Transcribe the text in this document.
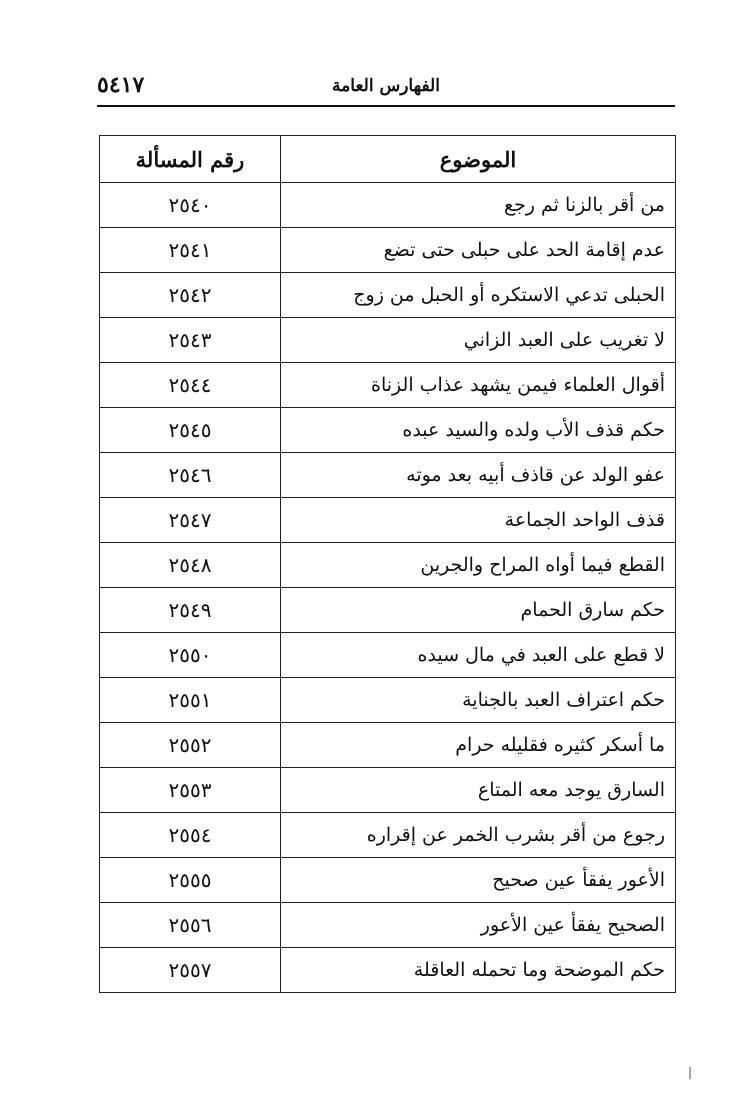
٥٤١٧	الفهارس العامة
الموضوع	رقم المسألة
من أقر بالزنا ثم رجع	٢٥٤٠
عدم إقامة الحد على حبلى حتى تضع	٢٥٤١
الحبلى تدعي الاستكره أو الحبل من زوج	٢٥٤٢
لا تغريب على العبد الزاني	٢٥٤٣
أقوال العلماء فيمن يشهد عذاب الزناة	٢٥٤٤
حكم قذف الأب ولده والسيد عبده	٢٥٤٥
عفو الولد عن قاذف أبيه بعد موته	٢٥٤٦
قذف الواحد الجماعة	٢٥٤٧
القطع فيما أواه المراح والجرين	٢٥٤٨
حكم سارق الحمام	٢٥٤٩
لا قطع على العبد في مال سيده	٢٥٥٠
حكم اعتراف العبد بالجناية	٢٥٥١
ما أسكر كثيره فقليله حرام	٢٥٥٢
السارق يوجد معه المتاع	٢٥٥٣
رجوع من أقر بشرب الخمر عن إقراره	٢٥٥٤
الأعور يفقأ عين صحيح	٢٥٥٥
الصحيح يفقأ عين الأعور	٢٥٥٦
حكم الموضحة وما تحمله العاقلة	٢٥٥٧
|
